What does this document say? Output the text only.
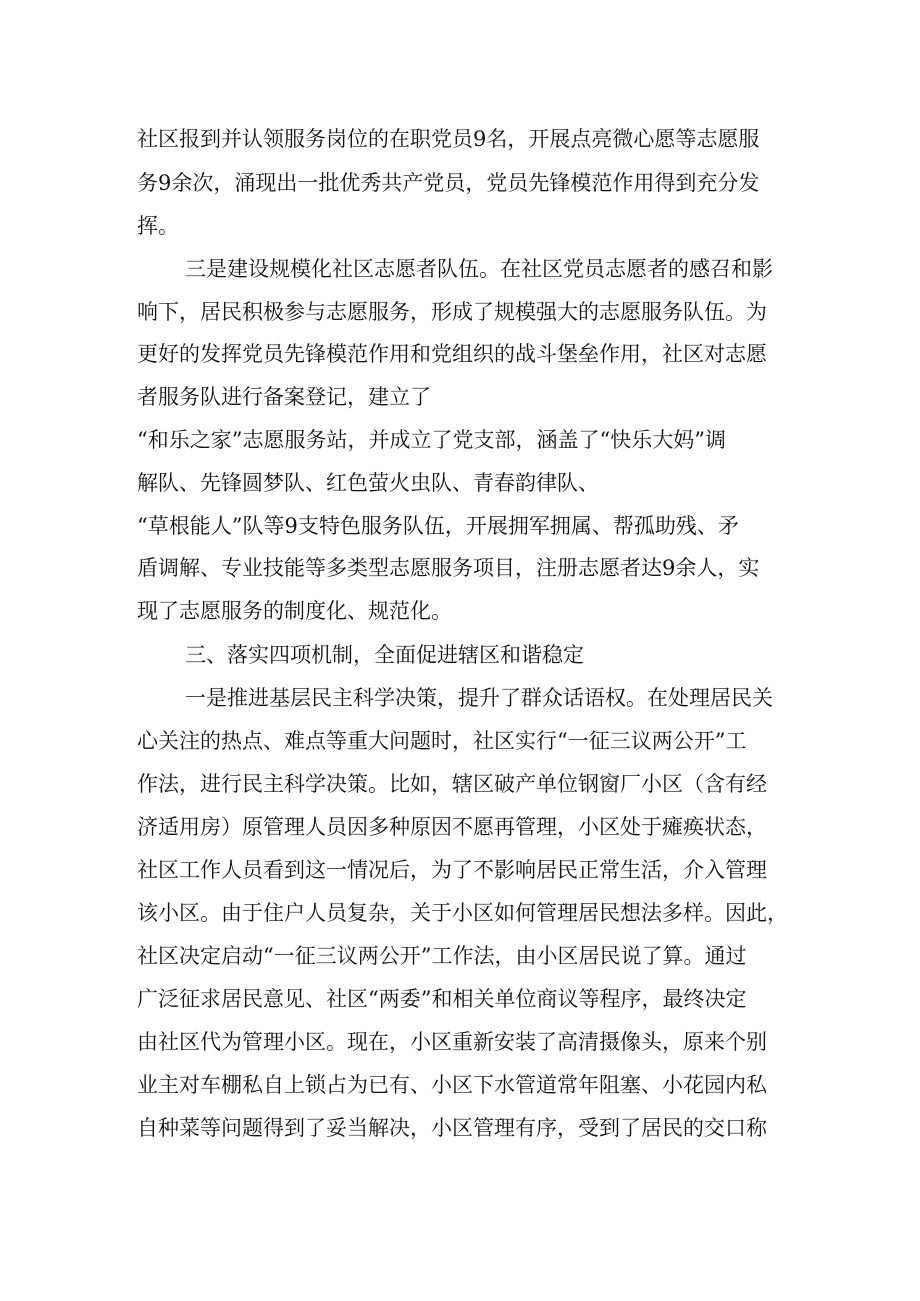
社区报到并认领服务岗位的在职党员9名，开展点亮微心愿等志愿服

务9余次，涌现出一批优秀共产党员，党员先锋模范作用得到充分发

挥。

三是建设规模化社区志愿者队伍。在社区党员志愿者的感召和影

响下，居民积极参与志愿服务，形成了规模强大的志愿服务队伍。为

更好的发挥党员先锋模范作用和党组织的战斗堡垒作用，社区对志愿

者服务队进行备案登记，建立了

“和乐之家”志愿服务站，并成立了党支部，涵盖了“快乐大妈”调

解队、先锋圆梦队、红色萤火虫队、青春韵律队、

“草根能人”队等9支特色服务队伍，开展拥军拥属、帮孤助残、矛

盾调解、专业技能等多类型志愿服务项目，注册志愿者达9余人，实

现了志愿服务的制度化、规范化。

三、落实四项机制，全面促进辖区和谐稳定

一是推进基层民主科学决策，提升了群众话语权。在处理居民关

心关注的热点、难点等重大问题时，社区实行“一征三议两公开”工

作法，进行民主科学决策。比如，辖区破产单位钢窗厂小区（含有经

济适用房）原管理人员因多种原因不愿再管理，小区处于瘫痪状态，

社区工作人员看到这一情况后，为了不影响居民正常生活，介入管理

该小区。由于住户人员复杂，关于小区如何管理居民想法多样。因此，

社区决定启动“一征三议两公开”工作法，由小区居民说了算。通过

广泛征求居民意见、社区“两委”和相关单位商议等程序，最终决定

由社区代为管理小区。现在，小区重新安装了高清摄像头，原来个别

业主对车棚私自上锁占为已有、小区下水管道常年阻塞、小花园内私

自种菜等问题得到了妥当解决，小区管理有序，受到了居民的交口称
